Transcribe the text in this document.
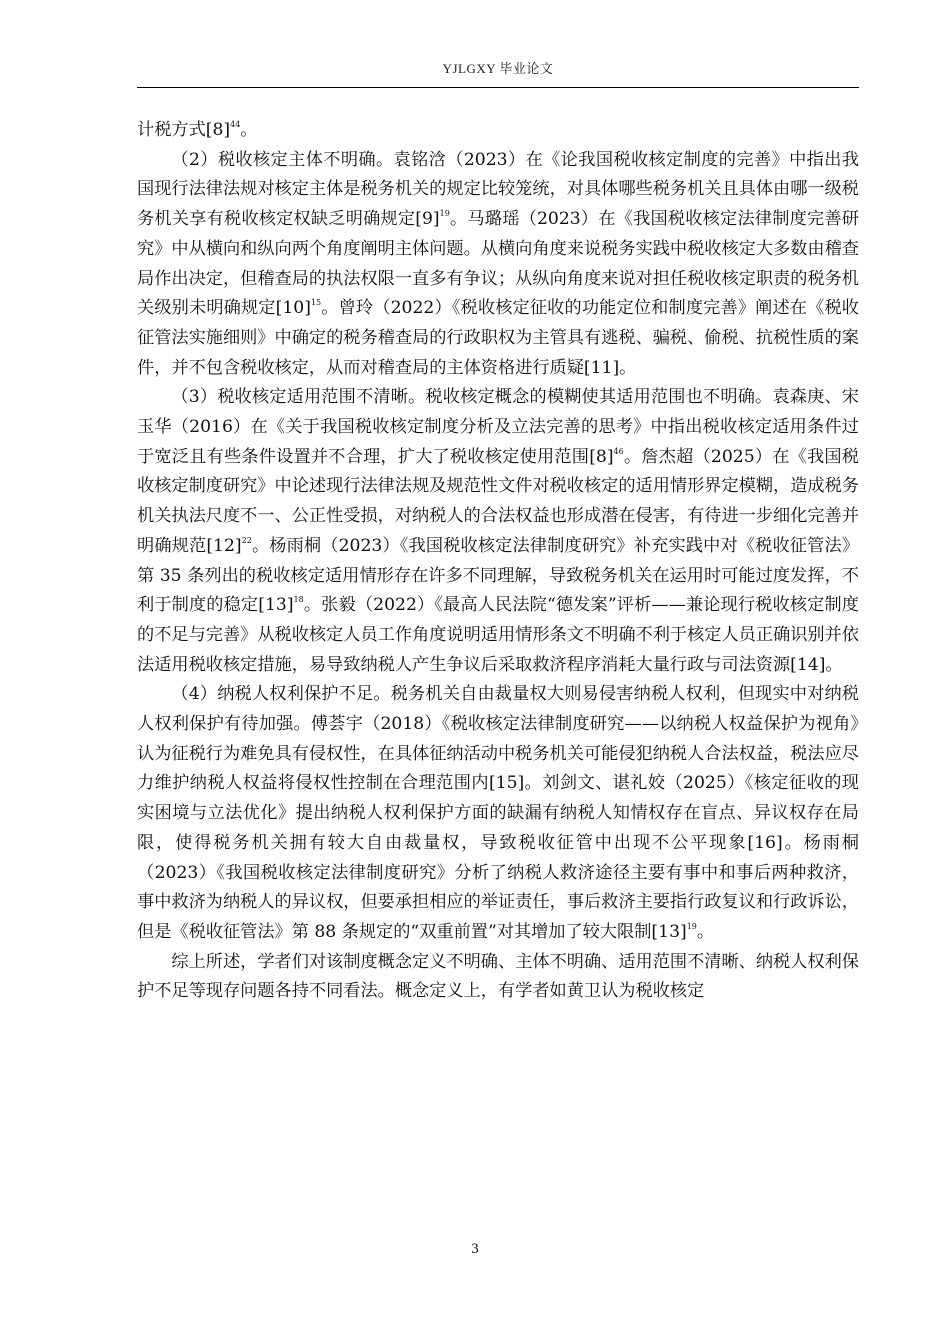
YJLGXY 毕业论文

计税方式$[8]^{44}$。

（2）税收核定主体不明确。袁铭浛（2023）在《论我国税收核定制度的完善》中指出我国现行法律法规对核定主体是税务机关的规定比较笼统，对具体哪些税务机关且具体由哪一级税务机关享有税收核定权缺乏明确规定$[9]^{19}$。马璐瑶（2023）在《我国税收核定法律制度完善研究》中从横向和纵向两个角度阐明主体问题。从横向角度来说税务实践中税收核定大多数由稽查局作出决定，但稽查局的执法权限一直多有争议；从纵向角度来说对担任税收核定职责的税务机关级别未明确规定$[10]^{15}$。曾玲（2022）《税收核定征收的功能定位和制度完善》阐述在《税收征管法实施细则》中确定的税务稽查局的行政职权为主管具有逃税、骗税、偷税、抗税性质的案件，并不包含税收核定，从而对稽查局的主体资格进行质疑[11]。

（3）税收核定适用范围不清晰。税收核定概念的模糊使其适用范围也不明确。袁森庚、宋玉华（2016）在《关于我国税收核定制度分析及立法完善的思考》中指出税收核定适用条件过于宽泛且有些条件设置并不合理，扩大了税收核定使用范围$[8]^{46}$。詹杰超（2025）在《我国税收核定制度研究》中论述现行法律法规及规范性文件对税收核定的适用情形界定模糊，造成税务机关执法尺度不一、公正性受损，对纳税人的合法权益也形成潜在侵害，有待进一步细化完善并明确规范$[12]^{22}$。杨雨桐（2023）《我国税收核定法律制度研究》补充实践中对《税收征管法》第 35 条列出的税收核定适用情形存在许多不同理解，导致税务机关在运用时可能过度发挥，不利于制度的稳定$[13]^{18}$。张毅（2022）《最高人民法院“德发案”评析——兼论现行税收核定制度的不足与完善》从税收核定人员工作角度说明适用情形条文不明确不利于核定人员正确识别并依法适用税收核定措施，易导致纳税人产生争议后采取救济程序消耗大量行政与司法资源[14]。

（4）纳税人权利保护不足。税务机关自由裁量权大则易侵害纳税人权利，但现实中对纳税人权利保护有待加强。傅荟宇（2018）《税收核定法律制度研究——以纳税人权益保护为视角》认为征税行为难免具有侵权性，在具体征纳活动中税务机关可能侵犯纳税人合法权益，税法应尽力维护纳税人权益将侵权性控制在合理范围内[15]。刘剑文、谌礼姣（2025）《核定征收的现实困境与立法优化》提出纳税人权利保护方面的缺漏有纳税人知情权存在盲点、异议权存在局限，使得税务机关拥有较大自由裁量权，导致税收征管中出现不公平现象[16]。杨雨桐（2023）《我国税收核定法律制度研究》分析了纳税人救济途径主要有事中和事后两种救济，事中救济为纳税人的异议权，但要承担相应的举证责任，事后救济主要指行政复议和行政诉讼，但是《税收征管法》第 88 条规定的“双重前置”对其增加了较大限制$[13]^{19}$。

综上所述，学者们对该制度概念定义不明确、主体不明确、适用范围不清晰、纳税人权利保护不足等现存问题各持不同看法。概念定义上，有学者如黄卫认为税收核定

3
